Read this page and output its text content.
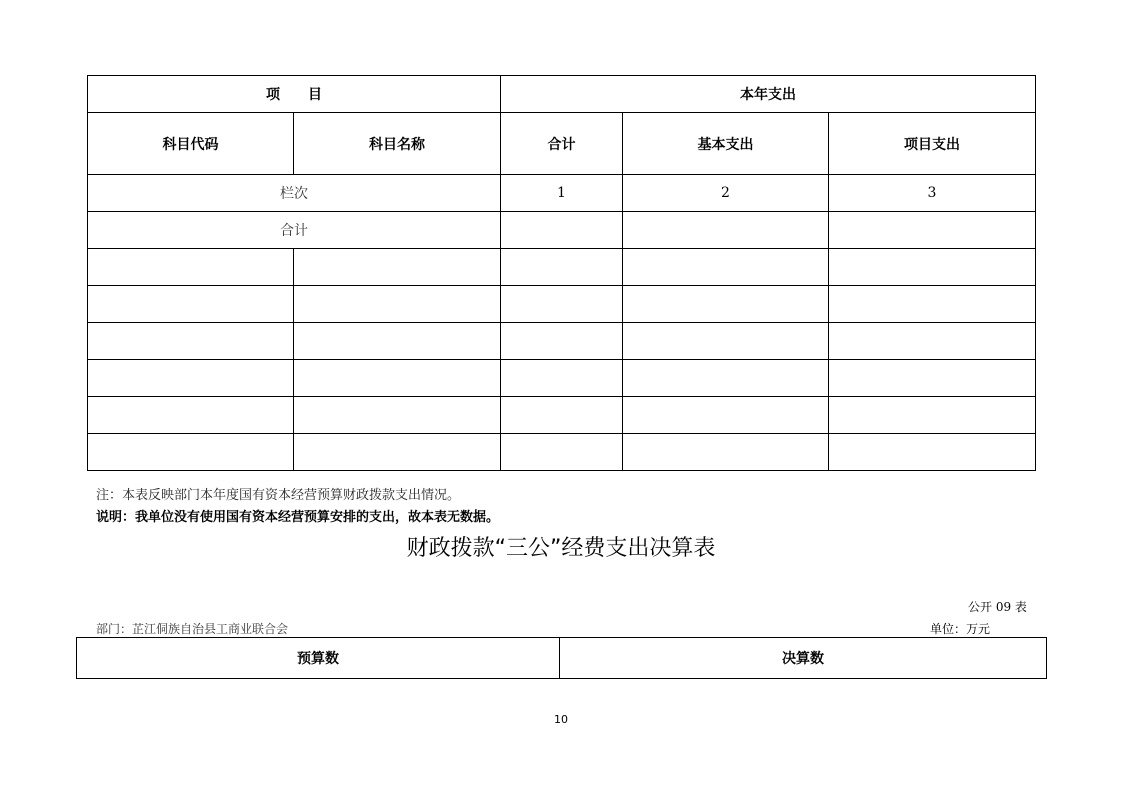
项　　目		本年支出		
科目代码	科目名称	合计	基本支出	项目支出
栏次		1	2	3
合计				

注：本表反映部门本年度国有资本经营预算财政拨款支出情况。
说明：我单位没有使用国有资本经营预算安排的支出，故本表无数据。
财政拨款“三公”经费支出决算表
公开 09 表
部门：芷江侗族自治县工商业联合会	单位：万元
预算数	决算数
10
